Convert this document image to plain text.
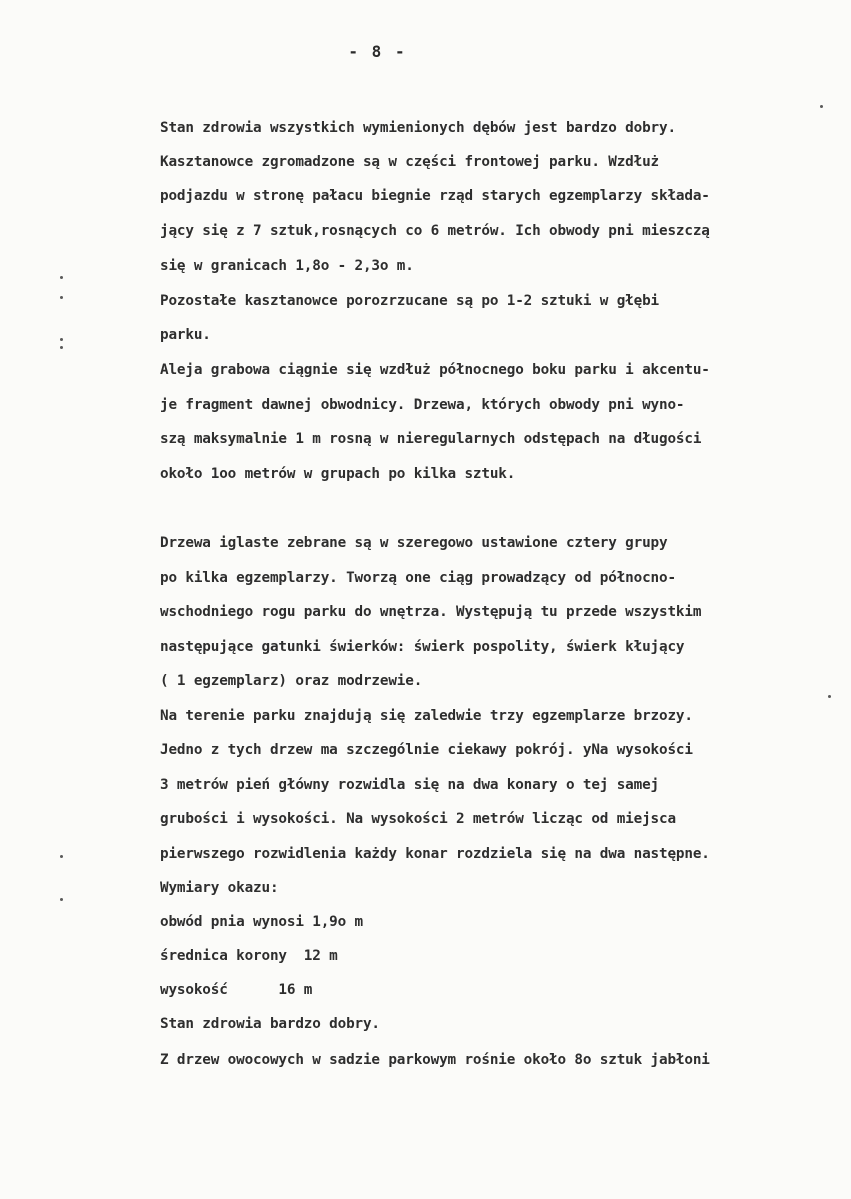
- 8 -
Stan zdrowia wszystkich wymienionych dębów jest bardzo dobry.
Kasztanowce zgromadzone są w części frontowej parku. Wzdłuż
podjazdu w stronę pałacu biegnie rząd starych egzemplarzy składa-
jący się z 7 sztuk,rosnących co 6 metrów. Ich obwody pni mieszczą
się w granicach 1,8o - 2,3o m.
Pozostałe kasztanowce porozrzucane są po 1-2 sztuki w głębi
parku.
Aleja grabowa ciągnie się wzdłuż północnego boku parku i akcentu-
je fragment dawnej obwodnicy. Drzewa, których obwody pni wyno-
szą maksymalnie 1 m rosną w nieregularnych odstępach na długości
około 1oo metrów w grupach po kilka sztuk.
Drzewa iglaste zebrane są w szeregowo ustawione cztery grupy
po kilka egzemplarzy. Tworzą one ciąg prowadzący od północno-
wschodniego rogu parku do wnętrza. Występują tu przede wszystkim
następujące gatunki świerków: świerk pospolity, świerk kłujący
( 1 egzemplarz) oraz modrzewie.
Na terenie parku znajdują się zaledwie trzy egzemplarze brzozy.
Jedno z tych drzew ma szczególnie ciekawy pokrój. yNa wysokości
3 metrów pień główny rozwidla się na dwa konary o tej samej
grubości i wysokości. Na wysokości 2 metrów licząc od miejsca
pierwszego rozwidlenia każdy konar rozdziela się na dwa następne.
Wymiary okazu:
obwód pnia wynosi 1,9o m
średnica korony  12 m
wysokość      16 m
Stan zdrowia bardzo dobry.
Z drzew owocowych w sadzie parkowym rośnie około 8o sztuk jabłoni
